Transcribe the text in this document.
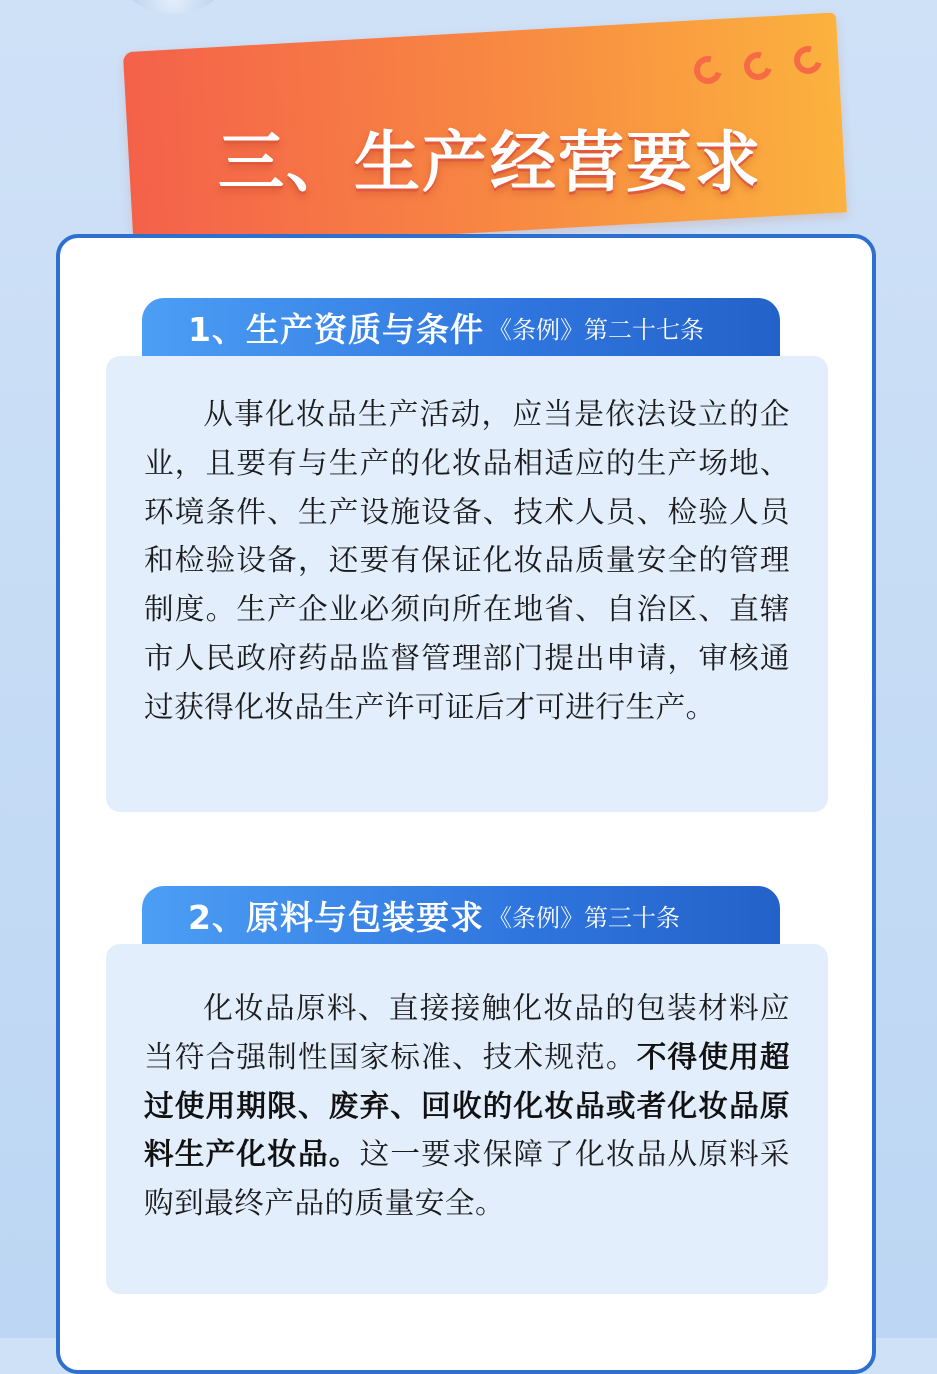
三、生产经营要求
1、生产资质与条件 《条例》第二十七条

从事化妆品生产活动，应当是依法设立的企业，且要有与生产的化妆品相适应的生产场地、环境条件、生产设施设备、技术人员、检验人员和检验设备，还要有保证化妆品质量安全的管理制度。生产企业必须向所在地省、自治区、直辖市人民政府药品监督管理部门提出申请，审核通过获得化妆品生产许可证后才可进行生产。

2、原料与包装要求 《条例》第三十条

化妆品原料、直接接触化妆品的包装材料应当符合强制性国家标准、技术规范。不得使用超过使用期限、废弃、回收的化妆品或者化妆品原料生产化妆品。这一要求保障了化妆品从原料采购到最终产品的质量安全。
